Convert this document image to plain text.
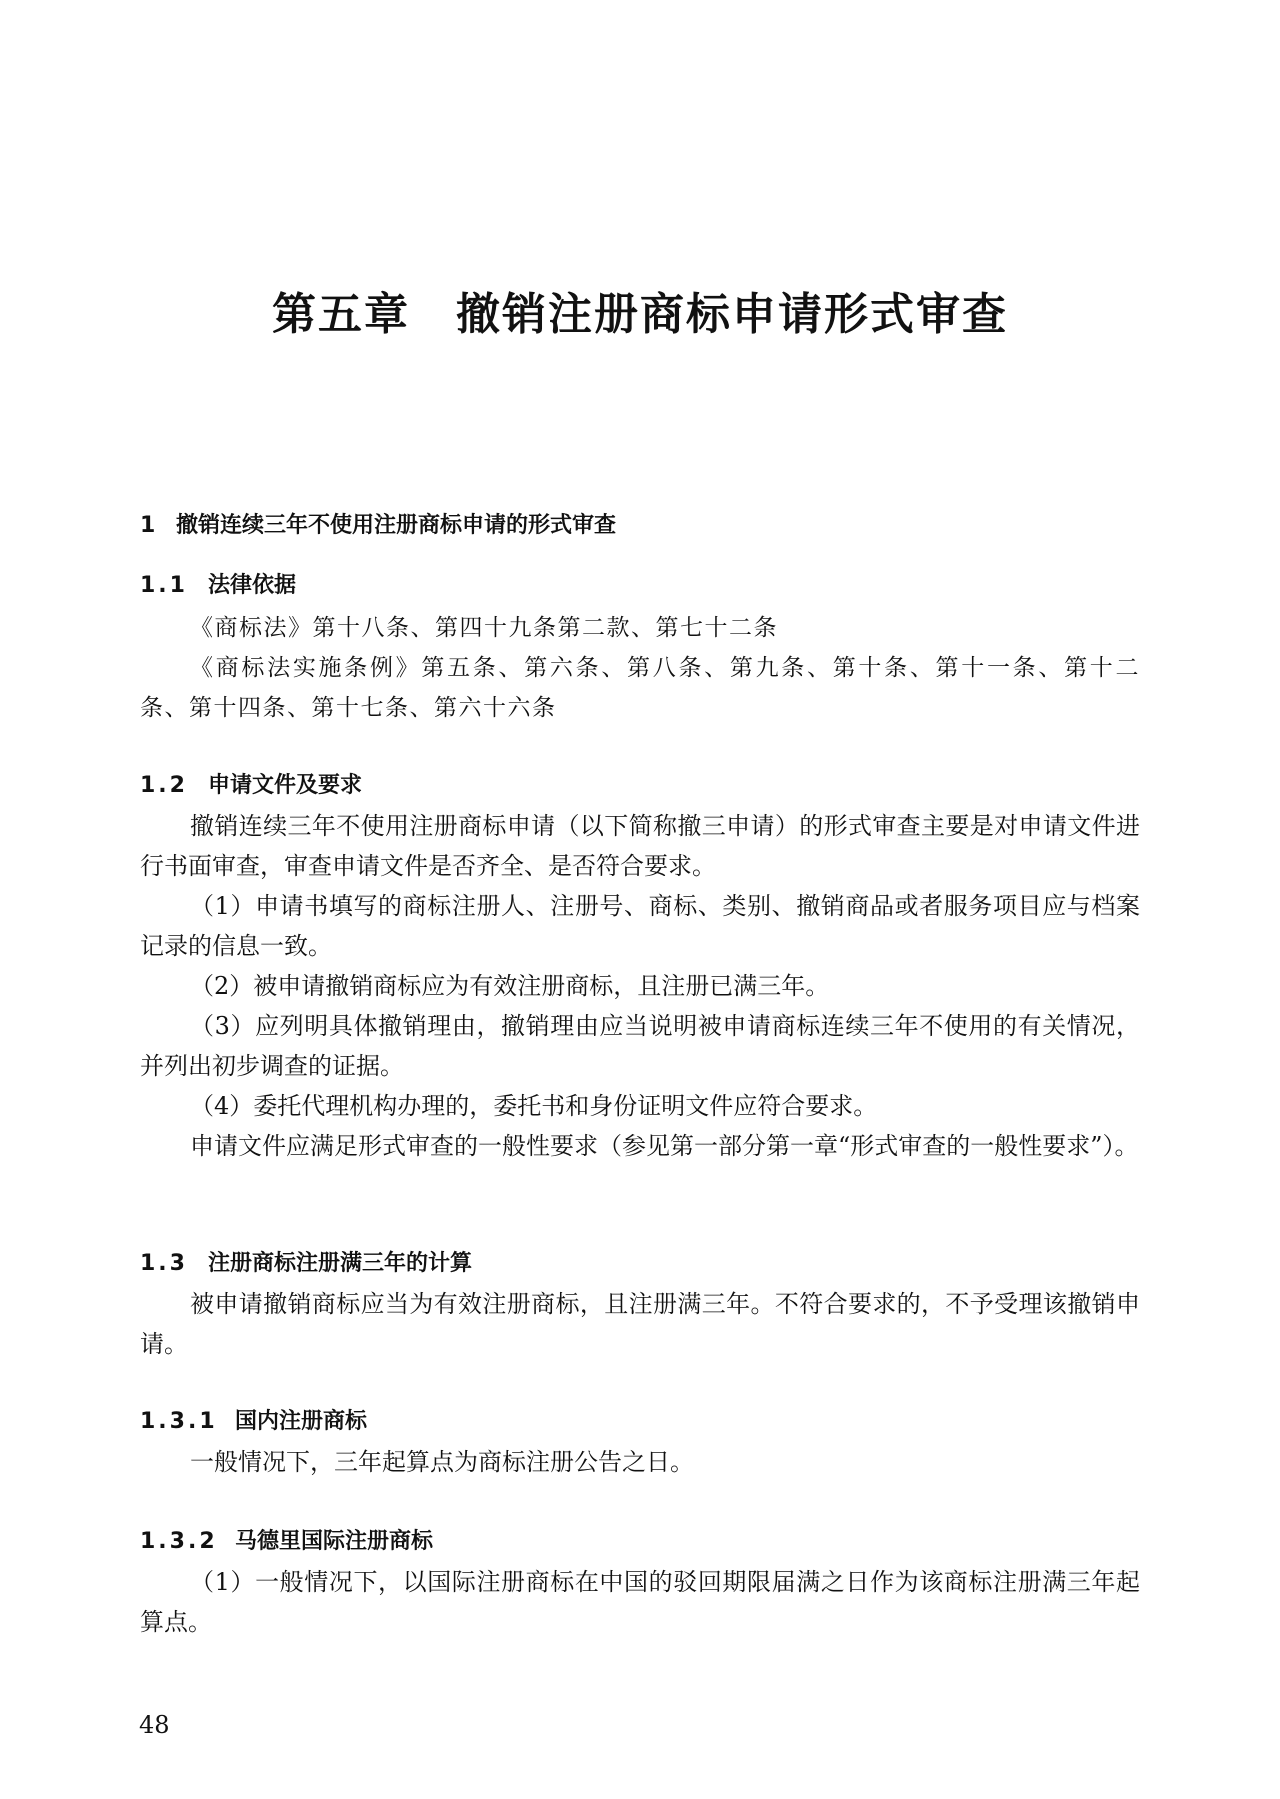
第五章 撤销注册商标申请形式审查
1 撤销连续三年不使用注册商标申请的形式审查
1.1 法律依据

《商标法》第十八条、第四十九条第二款、第七十二条

《商标法实施条例》第五条、第六条、第八条、第九条、第十条、第十一条、第十二条、第十四条、第十七条、第六十六条

1.2 申请文件及要求

撤销连续三年不使用注册商标申请（以下简称撤三申请）的形式审查主要是对申请文件进行书面审查，审查申请文件是否齐全、是否符合要求。

（1）申请书填写的商标注册人、注册号、商标、类别、撤销商品或者服务项目应与档案记录的信息一致。

（2）被申请撤销商标应为有效注册商标，且注册已满三年。

（3）应列明具体撤销理由，撤销理由应当说明被申请商标连续三年不使用的有关情况，并列出初步调查的证据。

（4）委托代理机构办理的，委托书和身份证明文件应符合要求。

申请文件应满足形式审查的一般性要求（参见第一部分第一章“形式审查的一般性要求”）。

1.3 注册商标注册满三年的计算

被申请撤销商标应当为有效注册商标，且注册满三年。不符合要求的，不予受理该撤销申请。

1.3.1 国内注册商标

一般情况下，三年起算点为商标注册公告之日。

1.3.2 马德里国际注册商标

（1）一般情况下，以国际注册商标在中国的驳回期限届满之日作为该商标注册满三年起算点。

48
